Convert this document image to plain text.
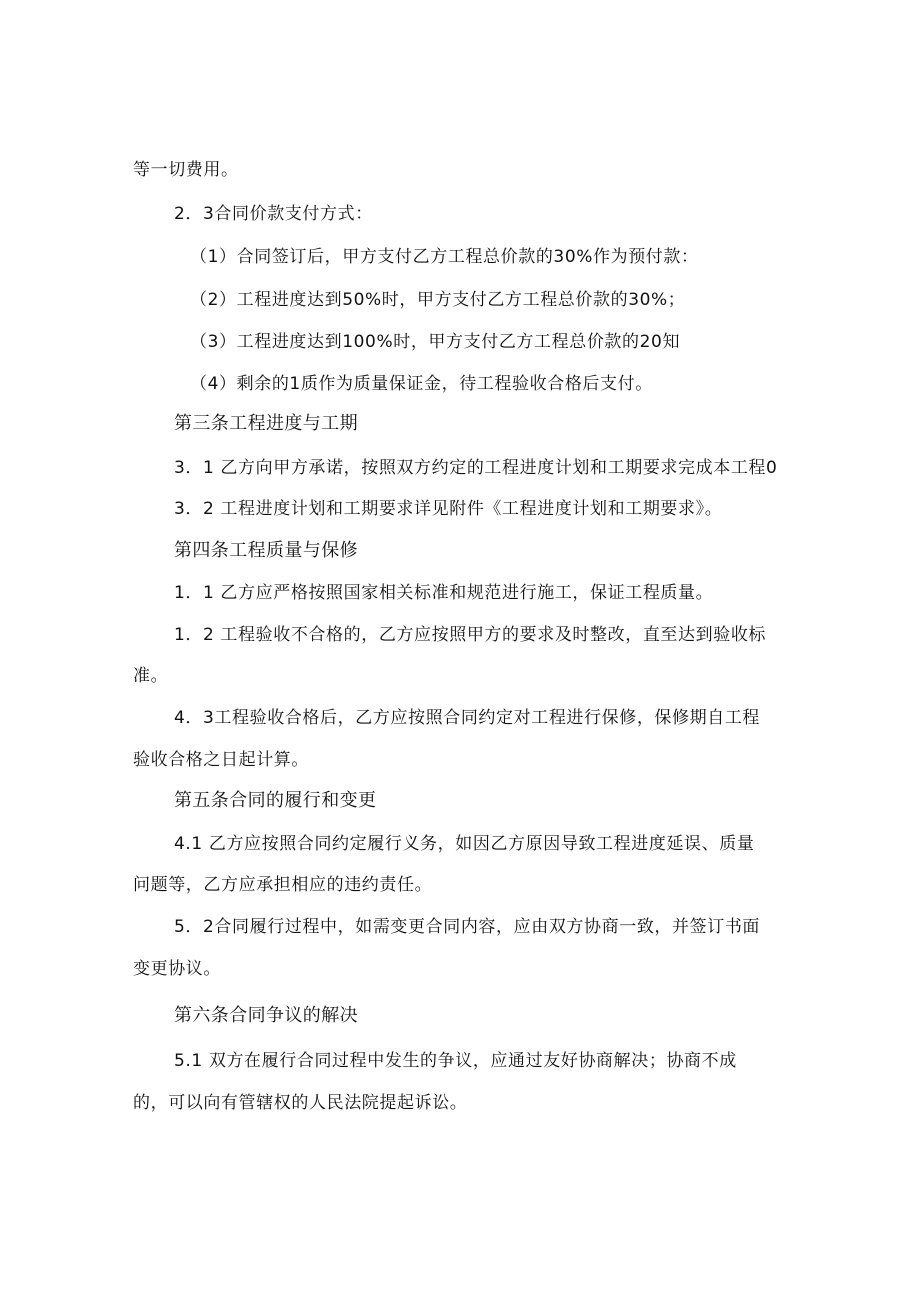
等一切费用。
2．3合同价款支付方式：
（1）合同签订后，甲方支付乙方工程总价款的30%作为预付款：
（2）工程进度达到50%时，甲方支付乙方工程总价款的30%；
（3）工程进度达到100%时，甲方支付乙方工程总价款的20知
（4）剩余的1质作为质量保证金，待工程验收合格后支付。
第三条工程进度与工期
3．1 乙方向甲方承诺，按照双方约定的工程进度计划和工期要求完成本工程0
3．2 工程进度计划和工期要求详见附件《工程进度计划和工期要求》。
第四条工程质量与保修
1．1 乙方应严格按照国家相关标准和规范进行施工，保证工程质量。
1．2 工程验收不合格的，乙方应按照甲方的要求及时整改，直至达到验收标
准。
4．3工程验收合格后，乙方应按照合同约定对工程进行保修，保修期自工程
验收合格之日起计算。
第五条合同的履行和变更
4.1 乙方应按照合同约定履行义务，如因乙方原因导致工程进度延误、质量
问题等，乙方应承担相应的违约责任。
5．2合同履行过程中，如需变更合同内容，应由双方协商一致，并签订书面
变更协议。
第六条合同争议的解决
5.1 双方在履行合同过程中发生的争议，应通过友好协商解决；协商不成
的，可以向有管辖权的人民法院提起诉讼。
